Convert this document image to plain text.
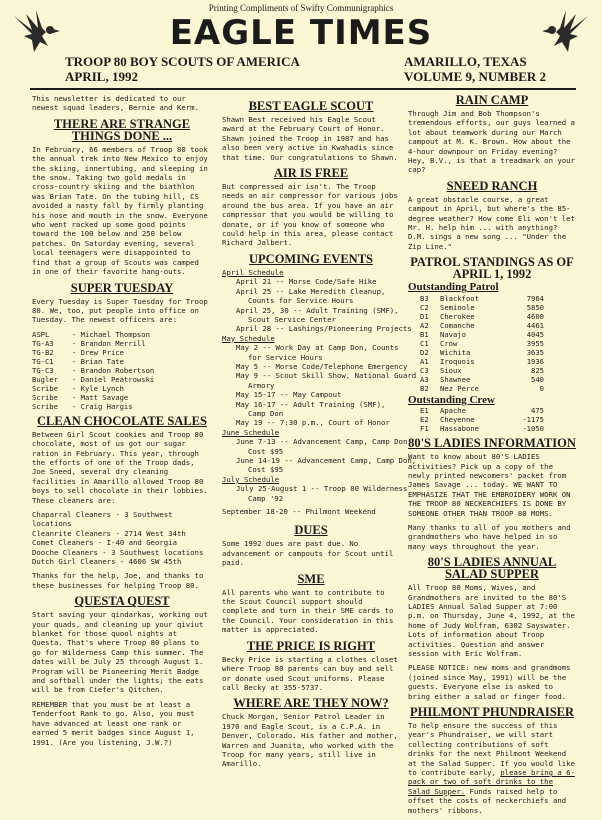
Printing Compliments of Swifty Communigraphics
EAGLE TIMES
TROOP 80 BOY SCOUTS OF AMERICA
APRIL, 1992
AMARILLO, TEXAS
VOLUME 9, NUMBER 2

This newsletter is dedicated to our newest squad leaders, Bernie and Kerm.

THERE ARE STRANGE THINGS DONE ...

In February, 66 members of Troop 80 took the annual trek into New Mexico to enjoy the skiing, innertubing, and sleeping in the snow. Taking two gold medals in cross-country skiing and the biathlon was Brian Tate. On the tubing hill, CS avoided a nasty fall by firmly planting his nose and mouth in the snow. Everyone who went racked up some good points toward the 100 below and 250 below patches. On Saturday evening, several local teenagers were disappointed to find that a group of Scouts was camped in one of their favorite hang-outs.

SUPER TUESDAY

Every Tuesday is Super Tuesday for Troop 80. We, too, put people into office on Tuesday. The newest officers are:

ASPL	- Michael Thompson
TG-A3	- Brandon Merrill
TG-B2	- Drew Price
TG-C1	- Brian Tate
TG-C3	- Brandon Robertson
Bugler	- Daniel Peatrowski
Scribe	- Kyle Lynch
Scribe	- Matt Savage
Scribe	- Craig Hargis
CLEAN CHOCOLATE SALES

Between Girl Scout cookies and Troop 80 chocolate, most of us got our sugar ration in February. This year, through the efforts of one of the Troop dads, Joe Sneed, several dry cleaning facilities in Amarillo allowed Troop 80 boys to sell chocolate in their lobbies. These cleaners are:

Chaparral Cleaners - 3 Southwest locations
Cleanrite Cleaners - 2714 West 34th
Comet Cleaners - I-40 and Georgia
Dooche Cleaners - 3 Southwest locations
Dutch Girl Cleaners - 4606 SW 45th

Thanks for the help, Joe, and thanks to these businesses for helping Troop 80.

QUESTA QUEST

Start saving your qindarkas, working out your quads, and cleaning up your qiviut blanket for those quool nights at Questa. That's where Troop 80 plans to go for Wilderness Camp this summer. The dates will be July 25 through August 1. Program will be Pioneering Merit Badge and softball under the lights; the eats will be from Ciefer's Qitchen.

REMEMBER that you must be at least a Tenderfoot Rank to go. Also, you must have advanced at least one rank or earned 5 merit badges since August 1, 1991. (Are you listening, J.W.?)

BEST EAGLE SCOUT

Shawn Best received his Eagle Scout award at the February Court of Honor. Shawn joined the Troop in 1987 and has also been very active in Kwahadis since that time. Our congratulations to Shawn.

AIR IS FREE

But compressed air isn't. The Troop needs an air compressor for various jobs around the bus area. If you have an air compressor that you would be willing to donate, or if you know of someone who could help in this area, please contact Richard Jalbert.

UPCOMING EVENTS
April Schedule
April 21 -- Morse Code/Safe Hike
April 25 -- Lake Meredith Cleanup,
Counts for Service Hours
April 25, 30 -- Adult Training (SMF),
Scout Service Center
April 28 -- Lashings/Pioneering Projects
May Schedule
May 2 -- Work Day at Camp Don, Counts
for Service Hours
May 5 -- Morse Code/Telephone Emergency
May 9 -- Scout Skill Show, National Guard
Armory
May 15-17 -- May Campout
May 16-17 -- Adult Training (SMF),
Camp Don
May 19 -- 7:30 p.m., Court of Honor
June Schedule
June 7-13 -- Advancement Camp, Camp Don,
Cost $95
June 14-19 -- Advancement Camp, Camp Don,
Cost $95
July Schedule
July 25-August 1 -- Troop 80 Wilderness
Camp '92
September 18-20 -- Philmont Weekend
DUES

Some 1992 dues are past due. No advancement or campouts for Scout until paid.

SME

All parents who want to contribute to the Scout Council support should complete and turn in their SME cards to the Council. Your consideration in this matter is appreciated.

THE PRICE IS RIGHT

Becky Price is starting a clothes closet where Troop 80 parents can buy and sell or donate used Scout uniforms. Please call Becky at 355-5737.

WHERE ARE THEY NOW?

Chuck Morgan, Senior Patrol Leader in 1970 and Eagle Scout, is a C.P.A. in Denver, Colorado. His father and mother, Warren and Juanita, who worked with the Troop for many years, still live in Amarillo.

RAIN CAMP

Through Jim and Bob Thompson's tremendous efforts, our guys learned a lot about teamwork during our March campout at M. K. Brown. How about the 4-hour downpour on Friday evening? Hey, B.V., is that a treadmark on your cap?

SNEED RANCH

A great obstacle course, a great campout in April, but where's the 85-degree weather? How come Eli won't let Mr. H. help him ... with anything? D.M. sings a new song ... "Under the Zip Line."

PATROL STANDINGS AS OF APRIL 1, 1992
Outstanding Patrol
B3	Blackfoot	7964
C2	Seminole	5850
D1	Cherokee	4600
A2	Comanche	4461
B1	Navajo	4045
C1	Crow	3955
D2	Wichita	3635
A1	Iroquois	1936
C3	Sioux	825
A3	Shawnee	540
B2	Nez Perce	0
Outstanding Crew
E1	Apache	475
E2	Cheyenne	-1175
F1	Hassabone	-1050
80'S LADIES INFORMATION

Want to know about 80'S LADIES activities? Pick up a copy of the newly printed newcomers' packet from James Savage ... today. WE WANT TO EMPHASIZE THAT THE EMBROIDERY WORK ON THE TROOP 80 NECKERCHIEFS IS DONE BY SOMEONE OTHER THAN TROOP 80 MOMS.

Many thanks to all of you mothers and grandmothers who have helped in so many ways throughout the year.

80'S LADIES ANNUAL SALAD SUPPER

All Troop 80 Moms, Wives, and Grandmothers are invited to the 80'S LADIES Annual Salad Supper at 7:00 p.m. on Thursday, June 4, 1992, at the home of Judy Wolfram, 6302 Sayswater. Lots of information about Troop activities. Question and answer session with Eric Wolfram.

PLEASE NOTICE: new moms and grandmoms (joined since May, 1991) will be the guests. Everyone else is asked to bring either a salad or finger food.

PHILMONT PHUNDRAISER

To help ensure the success of this year's Phundraiser, we will start collecting contributions of soft drinks for the next Philmont Weekend at the Salad Supper. If you would like to contribute early, please bring a 6-pack or two of soft drinks to the Salad Supper. Funds raised help to offset the costs of neckerchiefs and mothers' ribbons.
